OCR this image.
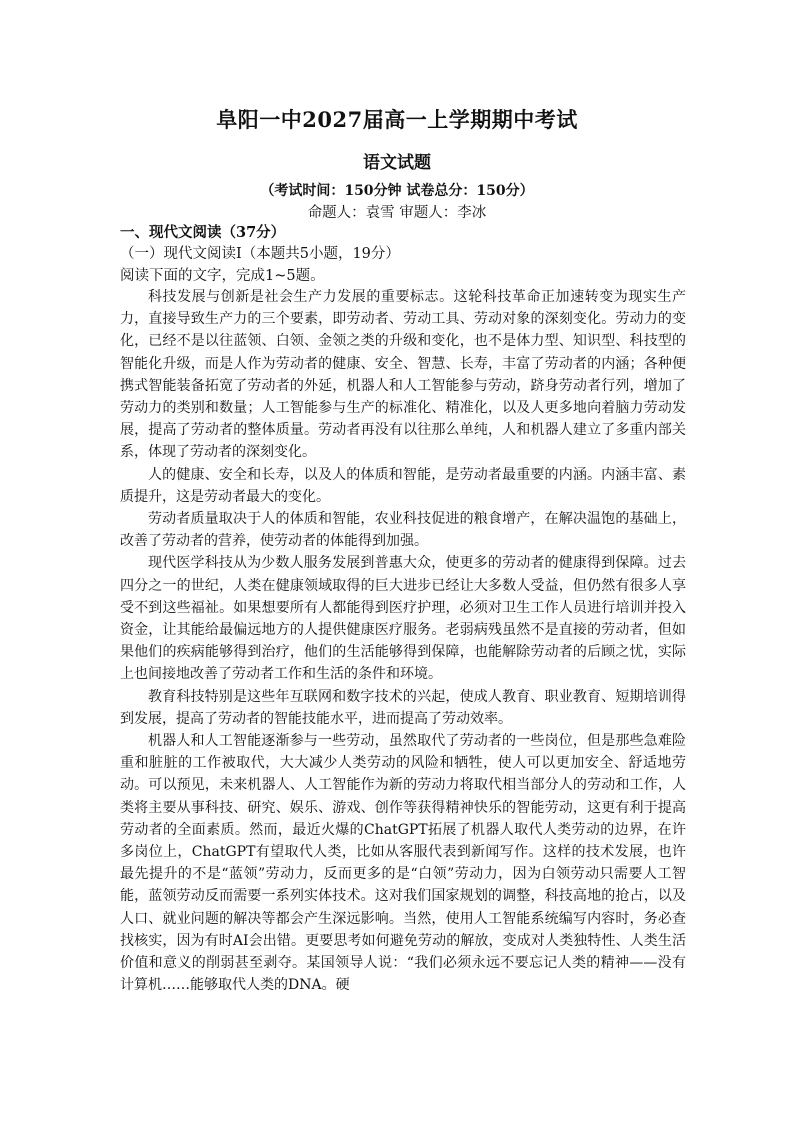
阜阳一中2027届高一上学期期中考试
语文试题
（考试时间：150分钟 试卷总分：150分）
命题人：袁雪 审题人：李冰
一、现代文阅读（37分）
（一）现代文阅读Ⅰ（本题共5小题，19分）
阅读下面的文字，完成1~5题。

科技发展与创新是社会生产力发展的重要标志。这轮科技革命正加速转变为现实生产力，直接导致生产力的三个要素，即劳动者、劳动工具、劳动对象的深刻变化。劳动力的变化，已经不是以往蓝领、白领、金领之类的升级和变化，也不是体力型、知识型、科技型的智能化升级，而是人作为劳动者的健康、安全、智慧、长寿，丰富了劳动者的内涵；各种便携式智能装备拓宽了劳动者的外延，机器人和人工智能参与劳动，跻身劳动者行列，增加了劳动力的类别和数量；人工智能参与生产的标准化、精准化，以及人更多地向着脑力劳动发展，提高了劳动者的整体质量。劳动者再没有以往那么单纯，人和机器人建立了多重内部关系，体现了劳动者的深刻变化。

人的健康、安全和长寿，以及人的体质和智能，是劳动者最重要的内涵。内涵丰富、素质提升，这是劳动者最大的变化。

劳动者质量取决于人的体质和智能，农业科技促进的粮食增产，在解决温饱的基础上，改善了劳动者的营养，使劳动者的体能得到加强。

现代医学科技从为少数人服务发展到普惠大众，使更多的劳动者的健康得到保障。过去四分之一的世纪，人类在健康领域取得的巨大进步已经让大多数人受益，但仍然有很多人享受不到这些福祉。如果想要所有人都能得到医疗护理，必须对卫生工作人员进行培训并投入资金，让其能给最偏远地方的人提供健康医疗服务。老弱病残虽然不是直接的劳动者，但如果他们的疾病能够得到治疗，他们的生活能够得到保障，也能解除劳动者的后顾之忧，实际上也间接地改善了劳动者工作和生活的条件和环境。

教育科技特别是这些年互联网和数字技术的兴起，使成人教育、职业教育、短期培训得到发展，提高了劳动者的智能技能水平，进而提高了劳动效率。

机器人和人工智能逐渐参与一些劳动，虽然取代了劳动者的一些岗位，但是那些急难险重和脏脏的工作被取代，大大减少人类劳动的风险和牺牲，使人可以更加安全、舒适地劳动。可以预见，未来机器人、人工智能作为新的劳动力将取代相当部分人的劳动和工作，人类将主要从事科技、研究、娱乐、游戏、创作等获得精神快乐的智能劳动，这更有利于提高劳动者的全面素质。然而，最近火爆的ChatGPT拓展了机器人取代人类劳动的边界，在许多岗位上，ChatGPT有望取代人类，比如从客服代表到新闻写作。这样的技术发展，也许最先提升的不是“蓝领”劳动力，反而更多的是“白领”劳动力，因为白领劳动只需要人工智能，蓝领劳动反而需要一系列实体技术。这对我们国家规划的调整，科技高地的抢占，以及人口、就业问题的解决等都会产生深远影响。当然，使用人工智能系统编写内容时，务必查找核实，因为有时AI会出错。更要思考如何避免劳动的解放，变成对人类独特性、人类生活价值和意义的削弱甚至剥夺。某国领导人说：“我们必须永远不要忘记人类的精神——没有计算机……能够取代人类的DNA。硬
